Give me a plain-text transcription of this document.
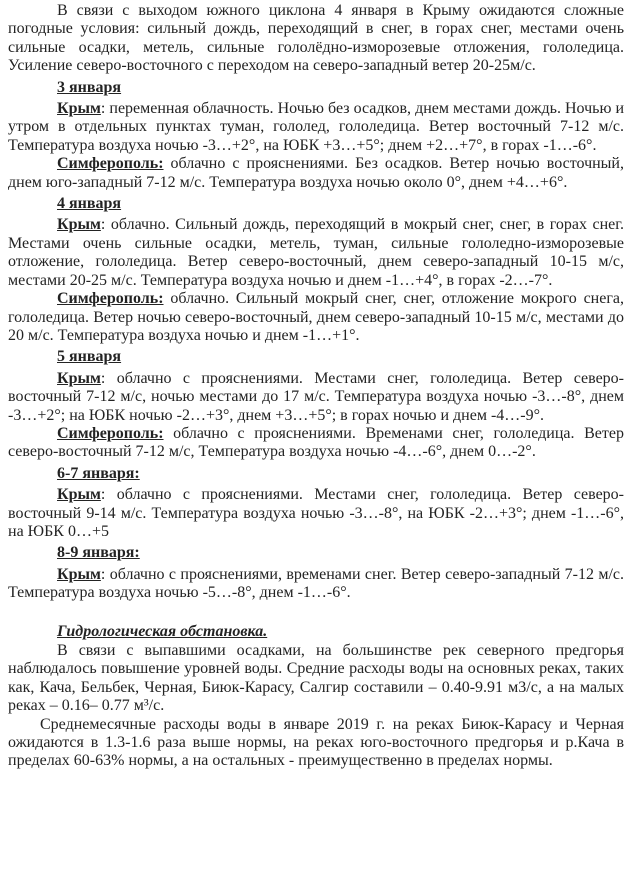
В связи с выходом южного циклона 4 января в Крыму ожидаются сложные погодные условия: сильный дождь, переходящий в снег, в горах снег, местами очень сильные осадки, метель, сильные гололёдно-изморозевые отложения, гололедица. Усиление северо-восточного с переходом на северо-западный ветер 20-25м/с.

3 января

Крым: переменная облачность. Ночью без осадков, днем местами дождь. Ночью и утром в отдельных пунктах туман, гололед, гололедица. Ветер восточный 7-12 м/с. Температура воздуха ночью -3…+2°, на ЮБК +3…+5°; днем +2…+7°, в горах -1…-6°.

Симферополь: облачно с прояснениями. Без осадков. Ветер ночью восточный, днем юго-западный 7-12 м/с. Температура воздуха ночью около 0°, днем +4…+6°.

4 января

Крым: облачно. Сильный дождь, переходящий в мокрый снег, снег, в горах снег. Местами очень сильные осадки, метель, туман, сильные гололедно-изморозевые отложение, гололедица. Ветер северо-восточный, днем северо-западный 10-15 м/с, местами 20-25 м/с. Температура воздуха ночью и днем -1…+4°, в горах -2…-7°.

Симферополь: облачно. Сильный мокрый снег, снег, отложение мокрого снега, гололедица. Ветер ночью северо-восточный, днем северо-западный 10-15 м/с, местами до 20 м/с. Температура воздуха ночью и днем -1…+1°.

5 января

Крым: облачно с прояснениями. Местами снег, гололедица. Ветер северо-восточный 7-12 м/с, ночью местами до 17 м/с. Температура воздуха ночью -3…-8°, днем -3…+2°; на ЮБК ночью -2…+3°, днем +3…+5°; в горах ночью и днем -4…-9°.

Симферополь: облачно с прояснениями. Временами снег, гололедица. Ветер северо-восточный 7-12 м/с, Температура воздуха ночью -4…-6°, днем 0…-2°.

6-7 января:

Крым: облачно с прояснениями. Местами снег, гололедица. Ветер северо-восточный 9-14 м/с. Температура воздуха ночью -3…-8°, на ЮБК -2…+3°; днем -1…-6°, на ЮБК 0…+5

8-9 января:

Крым: облачно с прояснениями, временами снег. Ветер северо-западный 7-12 м/с. Температура воздуха ночью -5…-8°, днем -1…-6°.

Гидрологическая обстановка.

В связи с выпавшими осадками, на большинстве рек северного предгорья наблюдалось повышение уровней воды. Средние расходы воды на основных реках, таких как, Кача, Бельбек, Черная, Биюк-Карасу, Салгир составили – 0.40-9.91 м3/с, а на малых реках – 0.16– 0.77 м³/с.

Среднемесячные расходы воды в январе 2019 г. на реках Биюк-Карасу и Черная ожидаются в 1.3-1.6 раза выше нормы, на реках юго-восточного предгорья и р.Кача в пределах 60-63% нормы, а на остальных - преимущественно в пределах нормы.
